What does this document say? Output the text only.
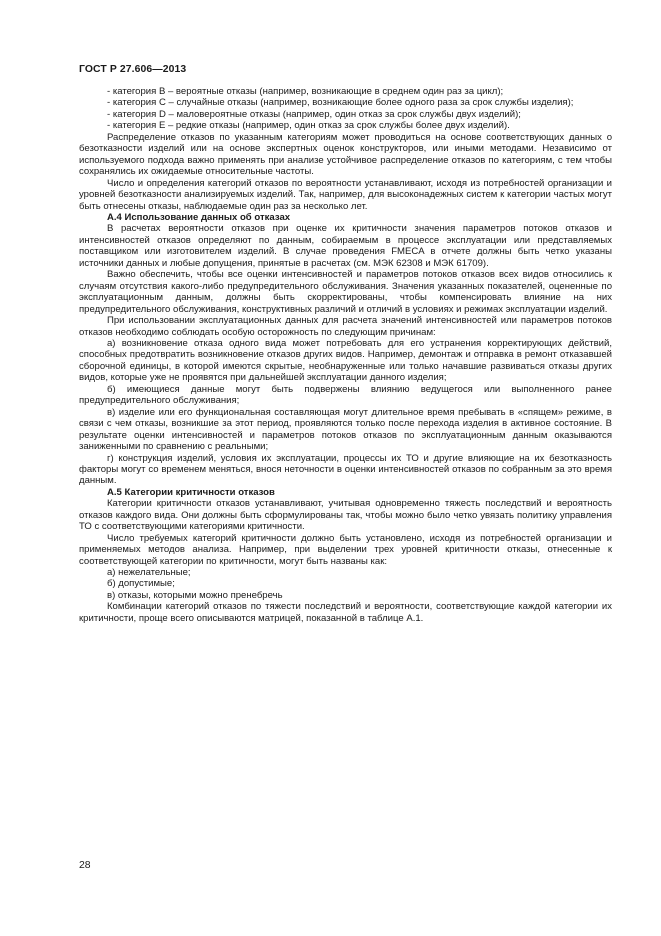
ГОСТ Р 27.606—2013

- категория B – вероятные отказы (например, возникающие в среднем один раз за цикл);

- категория C – случайные отказы (например, возникающие более одного раза за срок службы изделия);

- категория D – маловероятные отказы (например, один отказ за срок службы двух изделий);

- категория E – редкие отказы (например, один отказ за срок службы более двух изделий).

Распределение отказов по указанным категориям может проводиться на основе соответствующих данных о безотказности изделий или на основе экспертных оценок конструкторов, или иными методами. Независимо от используемого подхода важно применять при анализе устойчивое распределение отказов по категориям, с тем чтобы сохранялись их ожидаемые относительные частоты.

Число и определения категорий отказов по вероятности устанавливают, исходя из потребностей организации и уровней безотказности анализируемых изделий. Так, например, для высоконадежных систем к категории частых могут быть отнесены отказы, наблюдаемые один раз за несколько лет.

A.4 Использование данных об отказах

В расчетах вероятности отказов при оценке их критичности значения параметров потоков отказов и интенсивностей отказов определяют по данным, собираемым в процессе эксплуатации или представляемых поставщиком или изготовителем изделий. В случае проведения FMECA в отчете должны быть четко указаны источники данных и любые допущения, принятые в расчетах (см. МЭК 62308 и МЭК 61709).

Важно обеспечить, чтобы все оценки интенсивностей и параметров потоков отказов всех видов относились к случаям отсутствия какого-либо предупредительного обслуживания. Значения указанных показателей, оцененные по эксплуатационным данным, должны быть скорректированы, чтобы компенсировать влияние на них предупредительного обслуживания, конструктивных различий и отличий в условиях и режимах эксплуатации изделий.

При использовании эксплуатационных данных для расчета значений интенсивностей или параметров потоков отказов необходимо соблюдать особую осторожность по следующим причинам:

а) возникновение отказа одного вида может потребовать для его устранения корректирующих действий, способных предотвратить возникновение отказов других видов. Например, демонтаж и отправка в ремонт отказавшей сборочной единицы, в которой имеются скрытые, необнаруженные или только начавшие развиваться отказы других видов, которые уже не проявятся при дальнейшей эксплуатации данного изделия;

б) имеющиеся данные могут быть подвержены влиянию ведущегося или выполненного ранее предупредительного обслуживания;

в) изделие или его функциональная составляющая могут длительное время пребывать в «спящем» режиме, в связи с чем отказы, возникшие за этот период, проявляются только после перехода изделия в активное состояние. В результате оценки интенсивностей и параметров потоков отказов по эксплуатационным данным оказываются заниженными по сравнению с реальными;

г) конструкция изделий, условия их эксплуатации, процессы их ТО и другие влияющие на их безотказность факторы могут со временем меняться, внося неточности в оценки интенсивностей отказов по собранным за это время данным.

A.5 Категории критичности отказов

Категории критичности отказов устанавливают, учитывая одновременно тяжесть последствий и вероятность отказов каждого вида. Они должны быть сформулированы так, чтобы можно было четко увязать политику управления ТО с соответствующими категориями критичности.

Число требуемых категорий критичности должно быть установлено, исходя из потребностей организации и применяемых методов анализа. Например, при выделении трех уровней критичности отказы, отнесенные к соответствующей категории по критичности, могут быть названы как:

а) нежелательные;

б) допустимые;

в) отказы, которыми можно пренебречь

Комбинации категорий отказов по тяжести последствий и вероятности, соответствующие каждой категории их критичности, проще всего описываются матрицей, показанной в таблице А.1.

28
